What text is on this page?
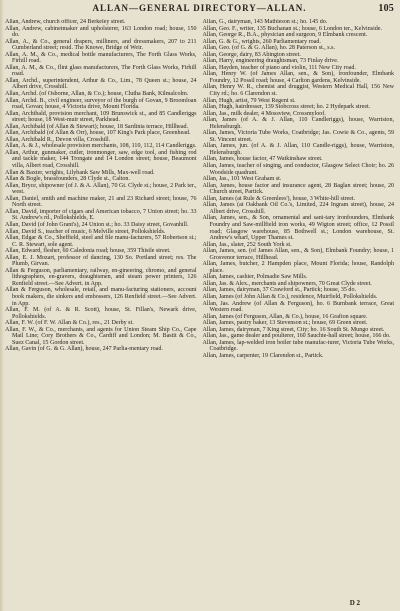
ALLAN—GENERAL DIRECTORY—ALLAN.	105
Allan, Andrew, church officer, 24 Berkeley street.
Allan, Andrew, cabinetmaker and upholsterer, 163 London road; house, 150 do.
Allan, A., & Co., general drapers, milliners, and dressmakers, 207 to 211 Cumberland street; resid. The Knowe, Bridge of Weir.
Allan, A. M., & Co., medical bottle manufacturers, The Forth Glass Works, Firhill road.
Allan, A. M., & Co., flint glass manufacturers, The Forth Glass Works, Firhill road.
Allan, Archd., superintendent, Arthur & Co., Lim., 78 Queen st.; house, 24 Albert drive, Crosshill.
Allan, Archd. (of Osborne, Allan, & Co.); house, Clutha Bank, Kilmalcolm.
Allan, Archd. B., civil engineer, surveyor of the burgh of Govan, 9 Broomloan road, Govan; house, 4 Victoria drive, Mount Florida.
Allan, Archibald, provision merchant, 109 Brunswick st., and 85 Candleriggs street; house, 18 West-muir street, Parkhead.
Allan, Archibald (of Allan & Stewart); house, 18 Sardinia terrace, Hillhead.
Allan, Archibald (of Allan & Orr), house, 107 King's Park place, Greenhead.
Allan, Archibald R., Devon villa, Crosshill.
Allan, A. & J., wholesale provision merchants, 108, 110, 112, 114 Candleriggs.
Allan, Arthur, gunmaker, cutler, ironmonger, saw, edge tool, and fishing rod and tackle maker, 144 Trongate and 14 London street; house, Beaumont villa, Albert road, Crosshill.
Allan & Baxter, wrights, Lilybank Saw Mills, Max-well road.
Allan & Bogle, brassfounders, 28 Clyde st., Calton.
Allan, Bryce, shipowner (of J. & A. Allan), 70 Gt. Clyde st.; house, 2 Park ter., west.
Allan, Daniel, smith and machine maker, 21 and 23 Richard street; house, 76 North street.
Allan, David, importer of cigars and American tobacco, 7 Union street; ho. 33 St. Andrew's rd., Pollokshields, E.
Allan, David (of John Grant's), 24 Union st.; ho. 33 Daisy street, Govanhill.
Allan, David S., teacher of music, 6 Melville street, Pollokshields.
Allan, Edgar & Co., Sheffield, steel and file manu-facturers, 57 Robertson st.; C. R. Stewart, sole agent.
Allan, Edward, flesher, 60 Caledonia road; house, 359 Thistle street.
Allan, E. J. Mozart, professor of dancing, 130 So. Portland street; res. The Plumb, Girvan.
Allan & Ferguson, parliamentary, railway, en-gineering, chromo, and general lithographers, en-gravers, draughtsmen, and steam power printers, 126 Renfield street.—See Advert. in App.
Allan & Ferguson, wholesale, retail, and manu-facturing stationers, account book makers, die sinkers and embossers, 126 Renfield street.—See Advert. in App.
Allan, F. M. (of A. & R. Scott), house, St. Fillan's, Newark drive, Pollokshields.
Allan, F. W. (of F. W. Allan & Co.), res., 21 Derby st.
Allan, F. W., & Co., merchants, and agents for Union Steam Ship Co., Cape Mail Line; Cory Brothers & Co., Cardiff and London; M. Bastit & Co., Suez Canal, 15 Gordon street.
Allan, Gavin (of G. & G. Allan), house, 247 Parlia-mentary road.
Allan, G., dairyman, 143 Mathieson st.; ho. 145 do.
Allan, Geo. F., writer, 135 Buchanan st.; house, 6 London ter., Kelvinside.
Allan, George R., B.A., physician and surgeon, 9 Elmbank crescent.
Allan, G. & G., wrights, 260 Parliamentary road.
Allan, Geo. (of G. & G. Allan), ho. 28 Paterson st., s.s.
Allan, George, dairy, 83 Abington street.
Allan, Harry, engineering draughtsman, 73 Finlay drive.
Allan, Hayden, teacher of piano and violin, 111 New City road.
Allan, Henry W. (of James Allan, sen., & Son), ironfounder, Elmbank Foundry, 12 Possil road; house, 4 Carlton gardens, Kelvinside.
Allan, Henry W. R., chemist and druggist, Western Medical Hall, 156 New City rd.; ho. 6 Clarendon st.
Allan, Hugh, artist, 79 West Regent st.
Allan, Hugh, hairdresser, 139 Stobcross street; ho. 2 Hydepark street.
Allan, Jas., milk dealer, 4 Mossview, Crossmyloof.
Allan, James (of A. & J. Allan, 110 Candleriggs), house, Warriston, Helensburgh.
Allan, James, Victoria Tube Works, Coatbridge; Jas. Cowie & Co., agents, 59 St. Vincent street.
Allan, James, jun. (of A. & J. Allan, 110 Candle-riggs), house, Warriston, Helensburgh.
Allan, James, house factor, 47 Watkinshaw street.
Allan, James, teacher of singing, and conductor, Glasgow Select Choir; ho. 26 Woodside quadrant.
Allan, Jas., 101 West Graham st.
Allan, James, house factor and insurance agent, 28 Baglan street; house, 20 Church street, Partick.
Allan, James (at Rule & Greenlees'), house, 3 White-hill street.
Allan, James (at Oakbank Oil Co.'s, Limited, 224 Ingram street), house, 24 Albert drive, Crosshill.
Allan, James, sen., & Son, ornamental and sani-tary ironfounders, Elmbank Foundry and Saw-millfield iron works, 49 Wigton street; office, 12 Possil road; Glasgow warehouse, 85 Bothwell st.; London warehouse, St. Andrew's wharf, Upper Thames st.
Allan, Jas., slater, 252 South York st.
Allan, James, sen. (of James Allan, sen., & Son), Elmbank Foundry; house, 1 Grosvenor terrace, Hillhead.
Allan, James, butcher, 2 Hampden place, Mount Florida; house, Randolph place.
Allan, James, cashier, Polmadie Saw Mills.
Allan, Jas. & Alex., merchants and shipowners, 70 Great Clyde street.
Allan, James, dairyman, 37 Crawford st., Partick; house, 35 do.
Allan, James (of John Allan & Co.), residence, Muirfield, Pollokshields.
Allan, Jas. Andrew (of Allan & Ferguson), ho. 6 Burnbank terrace, Great Western road.
Allan, James (of Ferguson, Allan, & Co.), house, 16 Grafton square.
Allan, James, pastry baker, 13 Stevenson st.; house, 69 Green street.
Allan, James, dairyman, 7 King street, City; ho. 16 South St. Mungo street.
Allan, Jas., game dealer and poulterer, 160 Sauchie-hall street; house, 166 do.
Allan, James, lap-welded iron boiler tube manufac-turer, Victoria Tube Works, Coatbridge.
Allan, James, carpenter, 19 Clarendon st., Partick.
D 2
